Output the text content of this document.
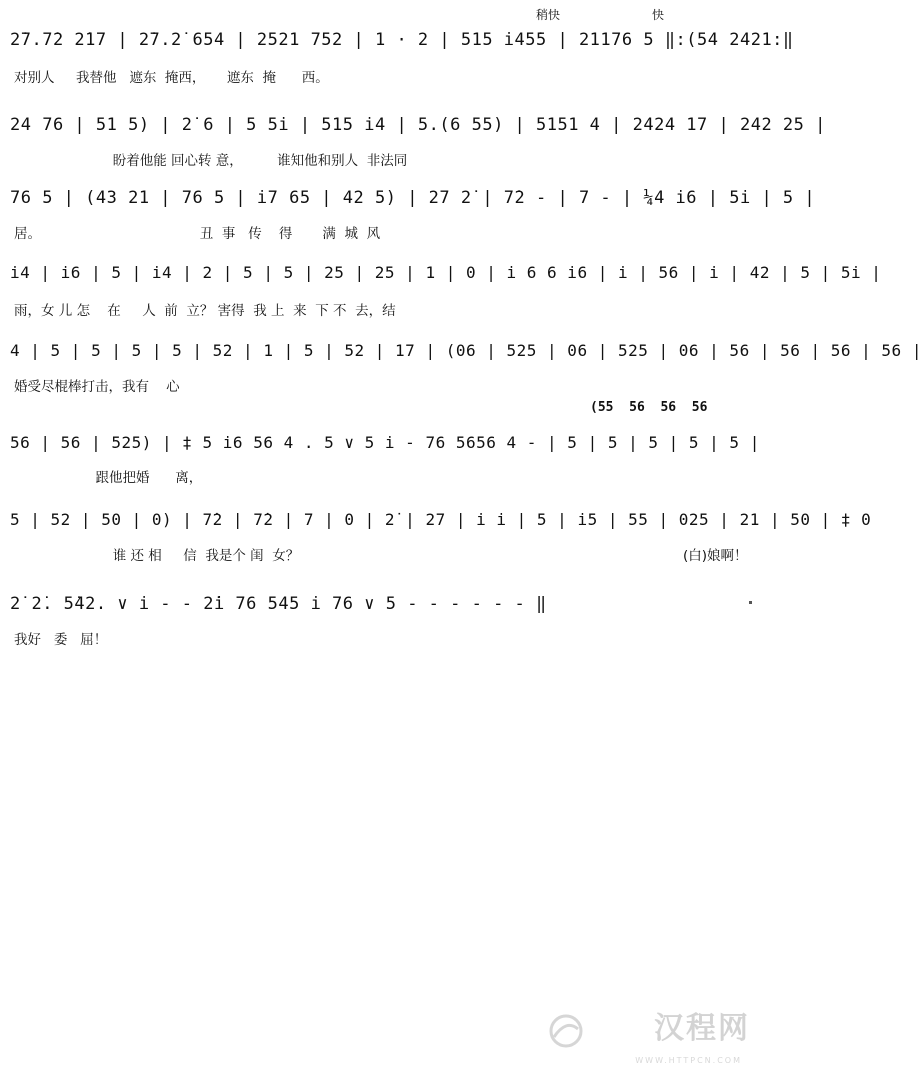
稍快	快
2̇7.7̇2 2̇17 | 2̇7.2̇ 654 | 2521 752 | 1 · 2 | 515 i45̇5 | 21176 5 ‖:(54 2421:‖
对别人     我替他   遮东  掩西，     遮东  掩      西。
24 76 | 51 5) | 2̇ 6 | 5 5i | 515 i4 | 5.(6 55) | 5151 4 | 2424 17 | 242 25 |
盼着他能 回心转 意，        谁知他和别人  非法同
76 5 | (43 21 | 76 5 | i7 65 | 42 5) | 27 2̇ | 7̇2 - | 7 - | ¼4 i6 | 5i | 5 |
居。                                     丑  事   传    得       满  城  风
i4 | i6 | 5 | i4 | 2 | 5 | 5 | 25 | 25 | 1 | 0 | i 6 6 i6 | i | 56 | i | 42 | 5 | 5i |
雨，女 儿 怎    在     人  前  立？ 害得  我 上  来  下 不  去，结
4 | 5 | 5 | 5 | 5 | 52 | 1 | 5 | 52 | 17 | (06 | 525 | 06 | 525 | 06 | 56 | 56 | 56 | 56 |
婚受尽棍棒打击，我有    心
(55  56  56  56
56 | 56 | 525) | ‡ 5 i6 56 4 . 5 ∨ 5 i - 76 5656 4 - | 5 | 5 | 5 | 5 | 5 |
跟他把婚      离，
5 | 52 | 50 | 0) | 7̇2 | 7̇2 | 7 | 0 | 2̇ | 27 | i i | 5 | i5 | 55 | 025 | 21 | 50 | ‡ 0
谁 还 相     信  我是个 闺  女？	(白)娘啊！
2̇ 2̇. 5̇42. ∨ i - - 2̇i 76 545 i 76 ∨ 5 - - - - - - ‖
我好   委   屈！
汉程网
WWW.HTTPCN.COM
